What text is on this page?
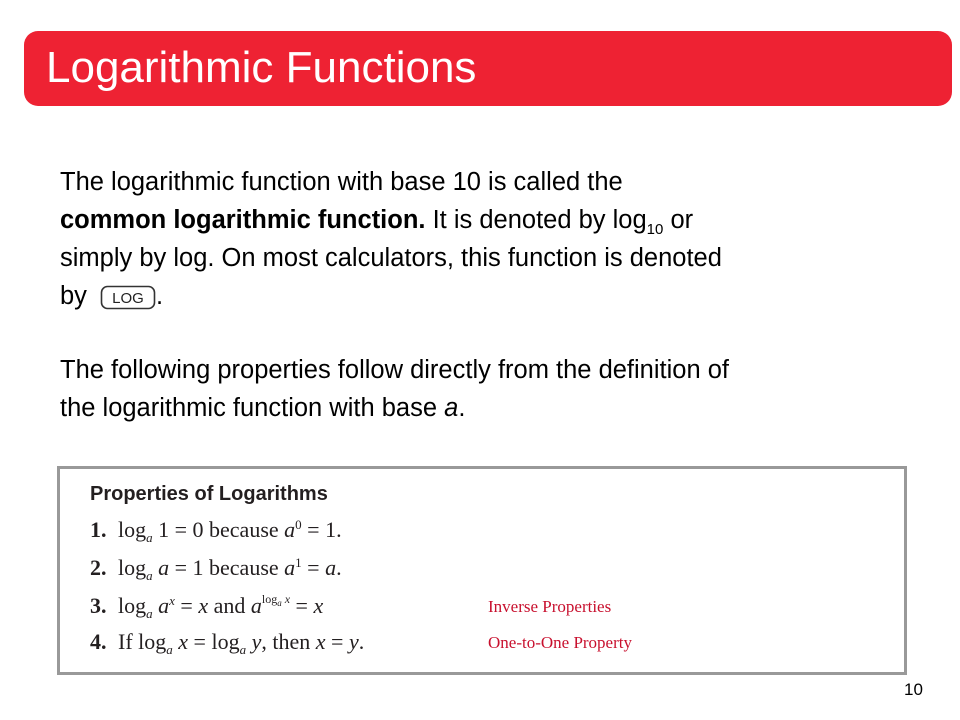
Logarithmic Functions
The logarithmic function with base 10 is called the
common logarithmic function. It is denoted by $\log_{10}$ or
simply by log. On most calculators, this function is denoted
by LOG .
The following properties follow directly from the definition of
the logarithmic function with base a.
Properties of Logarithms
1. $\log_a 1 = 0$ because $a^0 = 1$.
2. $\log_a a = 1$ because $a^1 = a$.
3. $\log_a a^x = x$ and $a^{log_a x} = x$
4. If $\log_a x = \log_a y$, then x = y.
Inverse Properties
One-to-One Property
10
